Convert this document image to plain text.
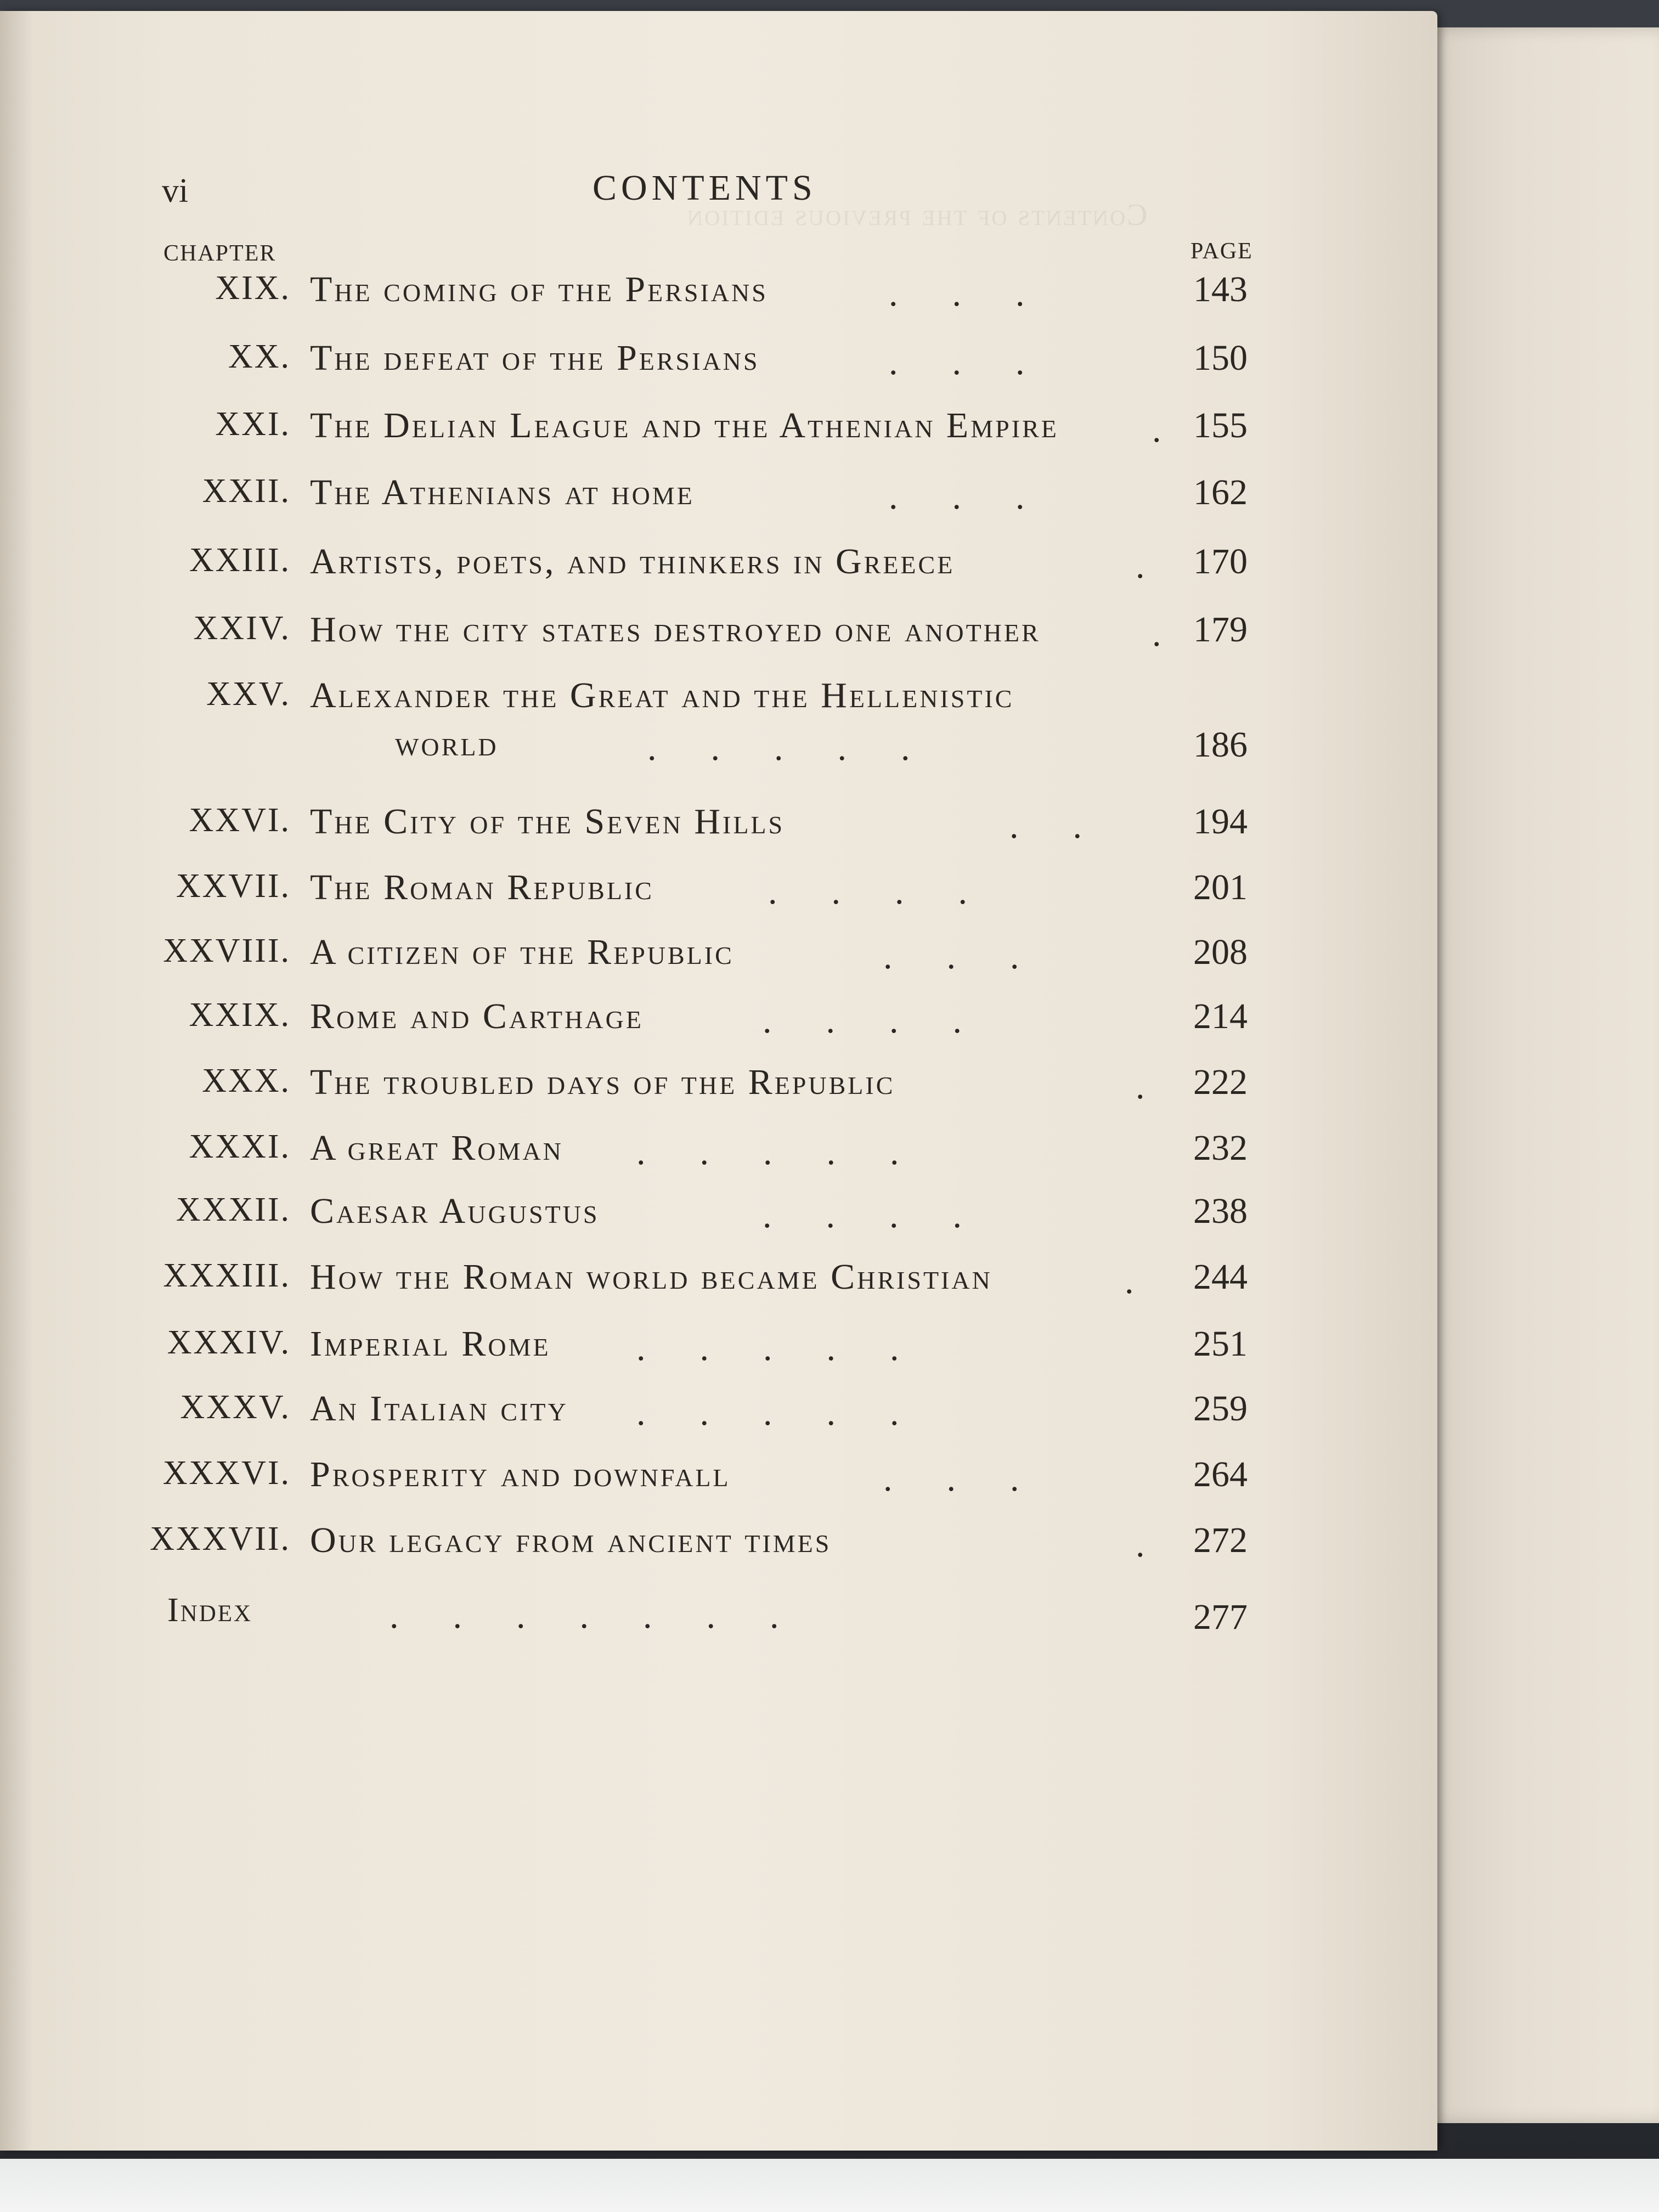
Contents of the previous edition
vi	CONTENTS
CHAPTER	PAGE
XIX. The coming of the Persians	.      .      .	143
XX. The defeat of the Persians	.      .      .	150
XXI. The Delian League and the Athenian Empire	. 155
XXII. The Athenians at home	.      .      .	162
XXIII. Artists, poets, and thinkers in Greece	. 170
XXIV. How the city states destroyed one another	. 179
XXV. Alexander the Great and the Hellenistic
world	.      .      .      .      .	186
XXVI. The City of the Seven Hills	.      .	194
XXVII. The Roman Republic	.      .      .      .	201
XXVIII. A citizen of the Republic	.      .      .	208
XXIX. Rome and Carthage	.      .      .      .	214
XXX. The troubled days of the Republic	. 222
XXXI. A great Roman .      .      .      .      .	232
XXXII. Caesar Augustus	.      .      .      .	238
XXXIII. How the Roman world became Christian	. 244
XXXIV. Imperial Rome .      .      .      .      .	251
XXXV. An Italian city .      .      .      .      .	259
XXXVI. Prosperity and downfall	.      .      .	264
XXXVII. Our legacy from ancient times	. 272
Index	.      .      .      .      .      .      .	277
